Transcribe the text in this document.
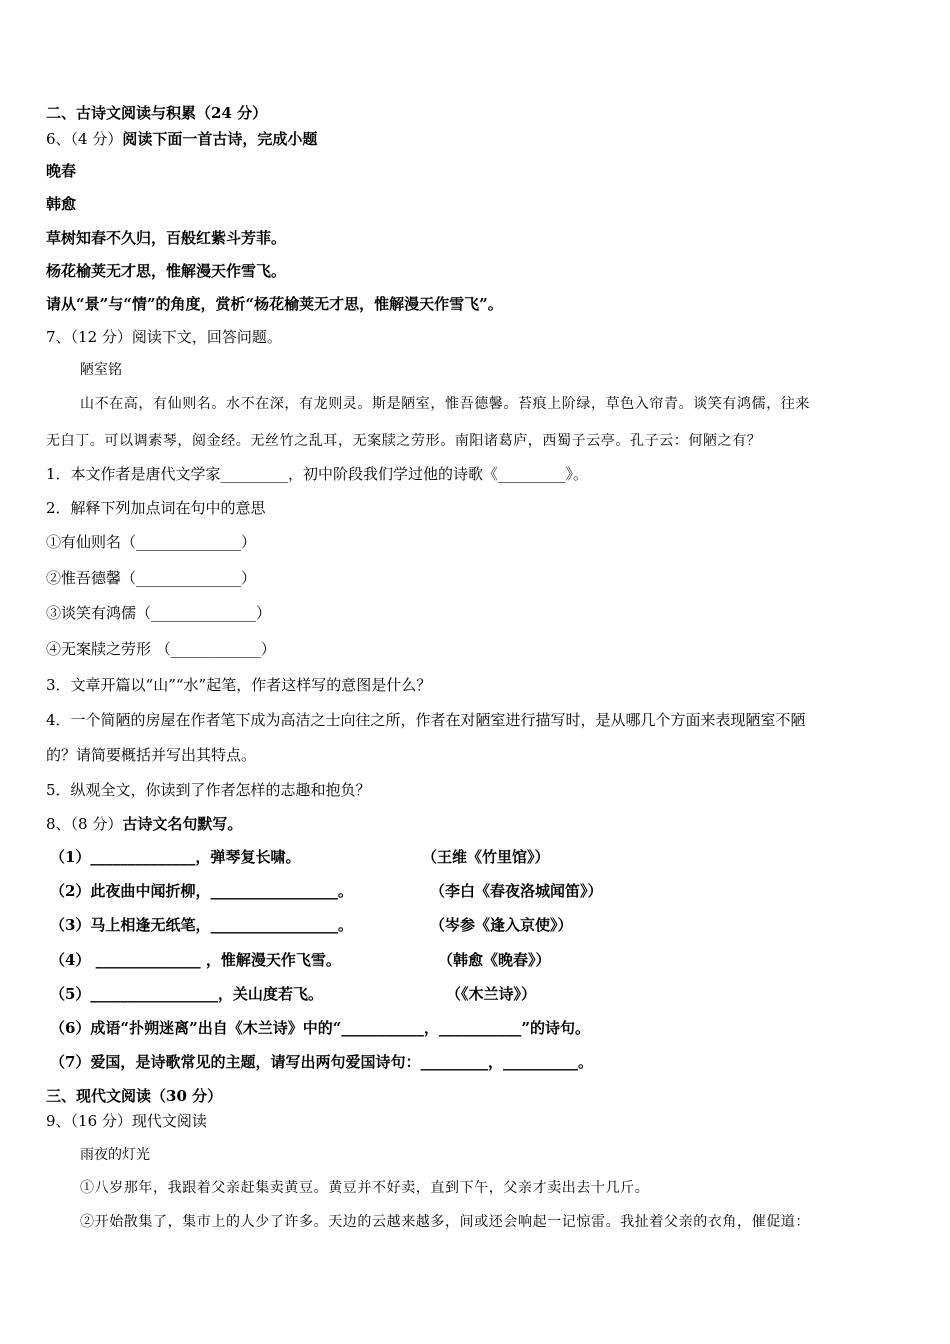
二、古诗文阅读与积累（24 分）
6、（4 分）阅读下面一首古诗，完成小题
晚春
韩愈
草树知春不久归，百般红紫斗芳菲。
杨花榆荚无才思，惟解漫天作雪飞。
请从“景”与“情”的角度，赏析“杨花榆荚无才思，惟解漫天作雪飞”。
7、（12 分）阅读下文，回答问题。
陋室铭
山不在高，有仙则名。水不在深，有龙则灵。斯是陋室，惟吾德馨。苔痕上阶绿，草色入帘青。谈笑有鸿儒，往来
无白丁。可以调素琴，阅金经。无丝竹之乱耳，无案牍之劳形。南阳诸葛庐，西蜀子云亭。孔子云：何陋之有？
1．本文作者是唐代文学家_________，初中阶段我们学过他的诗歌《_________》。
2．解释下列加点词在句中的意思
①有仙则名（______________）
②惟吾德馨（______________）
③谈笑有鸿儒（______________）
④无案牍之劳形 （____________）
3．文章开篇以“山”“水”起笔，作者这样写的意图是什么？
4．一个简陋的房屋在作者笔下成为高洁之士向往之所，作者在对陋室进行描写时，是从哪几个方面来表现陋室不陋
的？请简要概括并写出其特点。
5．纵观全文，你读到了作者怎样的志趣和抱负？
8、（8 分）古诗文名句默写。
（1）______________，弹琴复长啸。	（王维《竹里馆》）
（2）此夜曲中闻折柳，_________________。	（李白《春夜洛城闻笛》）
（3）马上相逢无纸笔，_________________。	（岑参《逢入京使》）
（4） ______________ ，惟解漫天作飞雪。	（韩愈《晚春》）
（5）_________________，关山度若飞。	（《木兰诗》）
（6）成语“扑朔迷离”出自《木兰诗》中的“___________，___________”的诗句。
（7）爱国，是诗歌常见的主题，请写出两句爱国诗句：_________，__________。
三、现代文阅读（30 分）
9、（16 分）现代文阅读
雨夜的灯光
①八岁那年，我跟着父亲赶集卖黄豆。黄豆并不好卖，直到下午，父亲才卖出去十几斤。
②开始散集了，集市上的人少了许多。天边的云越来越多，间或还会响起一记惊雷。我扯着父亲的衣角，催促道：
